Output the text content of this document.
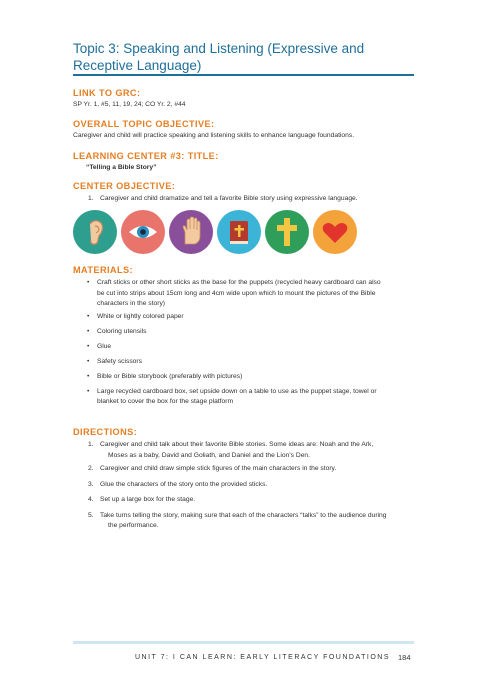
Topic 3: Speaking and Listening (Expressive and Receptive Language)
LINK TO GRC:
SP Yr. 1, #5, 11, 19, 24; CO Yr. 2, #44
OVERALL TOPIC OBJECTIVE:
Caregiver and child will practice speaking and listening skills to enhance language foundations.
LEARNING CENTER #3: TITLE:
“Telling a Bible Story”
CENTER OBJECTIVE:
1. Caregiver and child dramatize and tell a favorite Bible story using expressive language.
MATERIALS:
• Craft sticks or other short sticks as the base for the puppets (recycled heavy cardboard can also
be cut into strips about 15cm long and 4cm wide upon which to mount the pictures of the Bible
characters in the story)
• White or lightly colored paper
• Coloring utensils
• Glue
• Safety scissors
• Bible or Bible storybook (preferably with pictures)
• Large recycled cardboard box, set upside down on a table to use as the puppet stage, towel or
blanket to cover the box for the stage platform
DIRECTIONS:
1. Caregiver and child talk about their favorite Bible stories. Some ideas are: Noah and the Ark,
Moses as a baby, David and Goliath, and Daniel and the Lion’s Den.
2. Caregiver and child draw simple stick figures of the main characters in the story.
3. Glue the characters of the story onto the provided sticks.
4. Set up a large box for the stage.
5. Take turns telling the story, making sure that each of the characters “talks” to the audience during
the performance.
UNIT 7: I CAN LEARN: EARLY LITERACY FOUNDATIONS 184
